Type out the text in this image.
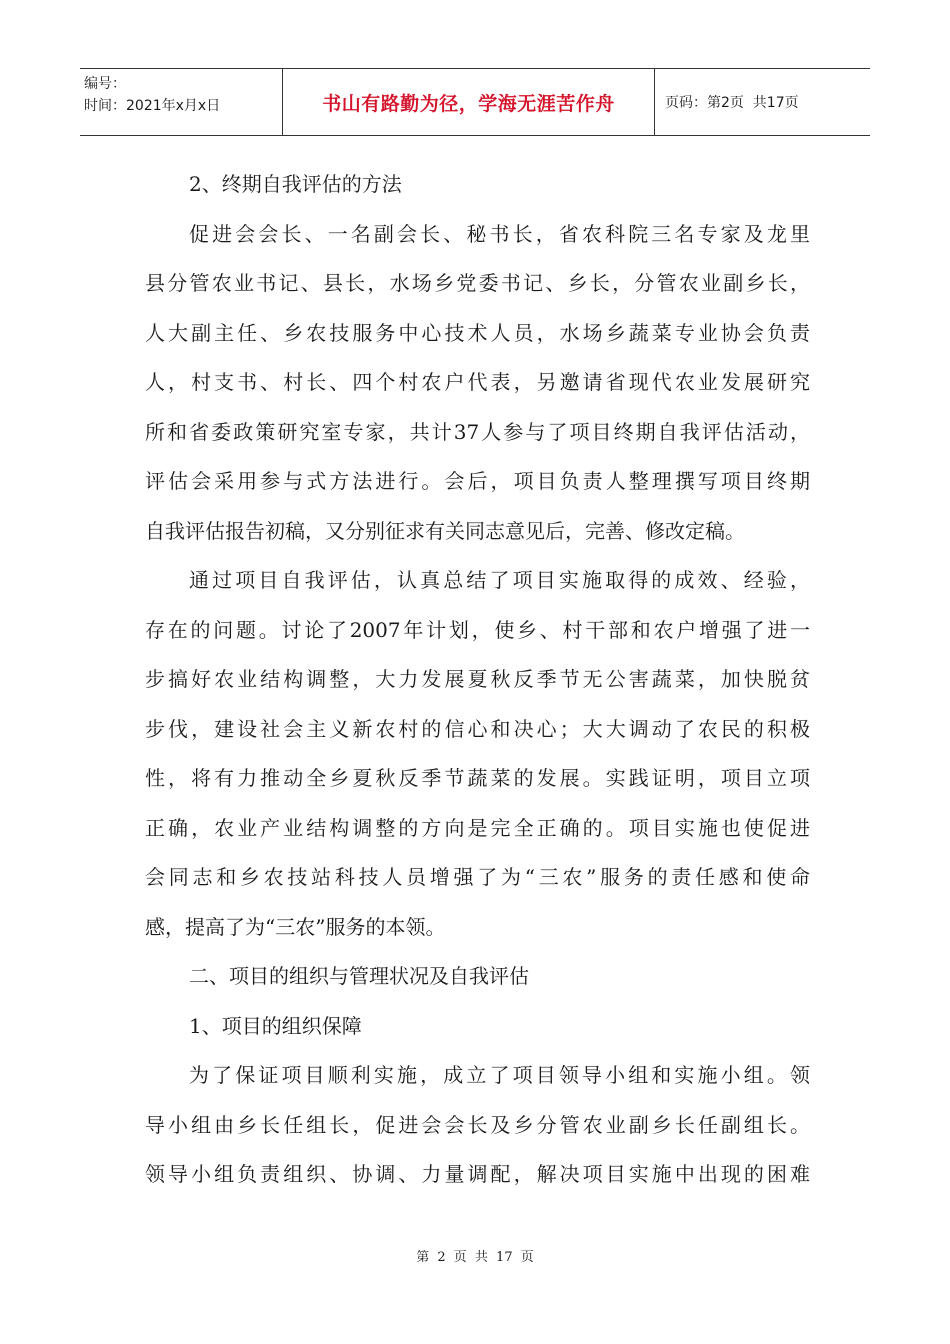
编号：
时间：2021年x月x日	书山有路勤为径，学海无涯苦作舟	页码：第2页  共17页
2、终期自我评估的方法
促进会会长、一名副会长、秘书长，省农科院三名专家及龙里
县分管农业书记、县长，水场乡党委书记、乡长，分管农业副乡长，
人大副主任、乡农技服务中心技术人员，水场乡蔬菜专业协会负责
人，村支书、村长、四个村农户代表，另邀请省现代农业发展研究
所和省委政策研究室专家，共计37人参与了项目终期自我评估活动，
评估会采用参与式方法进行。会后，项目负责人整理撰写项目终期
自我评估报告初稿，又分别征求有关同志意见后，完善、修改定稿。
通过项目自我评估，认真总结了项目实施取得的成效、经验，
存在的问题。讨论了2007年计划，使乡、村干部和农户增强了进一
步搞好农业结构调整，大力发展夏秋反季节无公害蔬菜，加快脱贫
步伐，建设社会主义新农村的信心和决心；大大调动了农民的积极
性，将有力推动全乡夏秋反季节蔬菜的发展。实践证明，项目立项
正确，农业产业结构调整的方向是完全正确的。项目实施也使促进
会同志和乡农技站科技人员增强了为“三农”服务的责任感和使命
感，提高了为“三农”服务的本领。
二、项目的组织与管理状况及自我评估
1、项目的组织保障
为了保证项目顺利实施，成立了项目领导小组和实施小组。领
导小组由乡长任组长，促进会会长及乡分管农业副乡长任副组长。
领导小组负责组织、协调、力量调配，解决项目实施中出现的困难
第 2 页 共 17 页
